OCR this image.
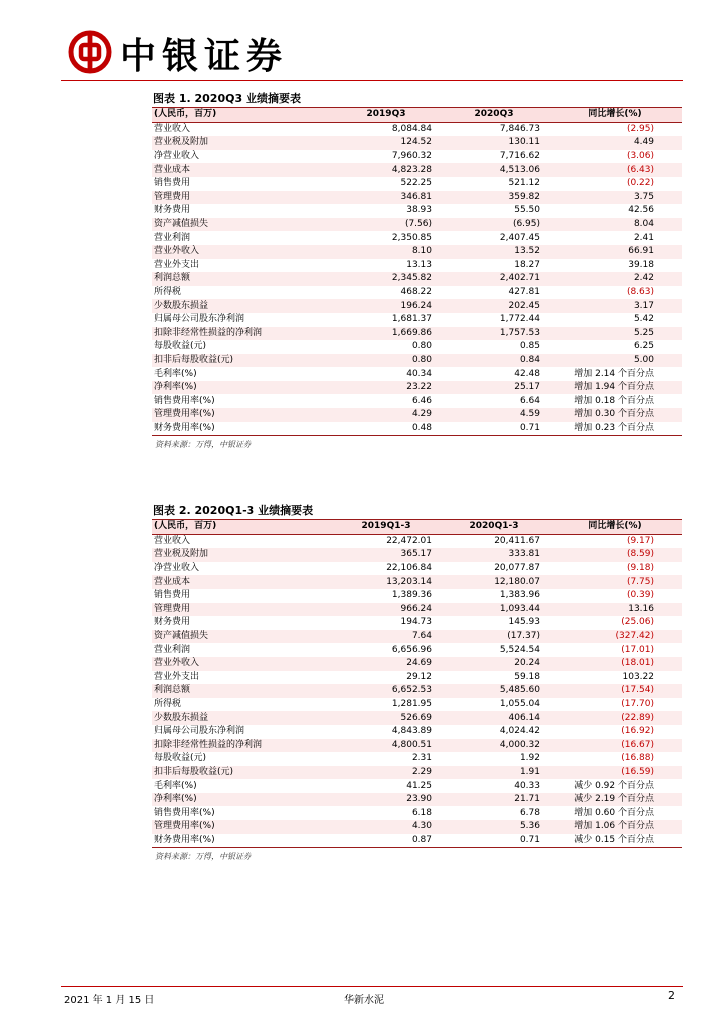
中银证券
图表 1. 2020Q3 业绩摘要表
(人民币，百万)	2019Q3	2020Q3	同比增长(%)
营业收入	8,084.84	7,846.73	(2.95)
营业税及附加	124.52	130.11	4.49
净营业收入	7,960.32	7,716.62	(3.06)
营业成本	4,823.28	4,513.06	(6.43)
销售费用	522.25	521.12	(0.22)
管理费用	346.81	359.82	3.75
财务费用	38.93	55.50	42.56
资产减值损失	(7.56)	(6.95)	8.04
营业利润	2,350.85	2,407.45	2.41
营业外收入	8.10	13.52	66.91
营业外支出	13.13	18.27	39.18
利润总额	2,345.82	2,402.71	2.42
所得税	468.22	427.81	(8.63)
少数股东损益	196.24	202.45	3.17
归属母公司股东净利润	1,681.37	1,772.44	5.42
扣除非经常性损益的净利润	1,669.86	1,757.53	5.25
每股收益(元)	0.80	0.85	6.25
扣非后每股收益(元)	0.80	0.84	5.00
毛利率(%)	40.34	42.48	增加 2.14 个百分点
净利率(%)	23.22	25.17	增加 1.94 个百分点
销售费用率(%)	6.46	6.64	增加 0.18 个百分点
管理费用率(%)	4.29	4.59	增加 0.30 个百分点
财务费用率(%)	0.48	0.71	增加 0.23 个百分点
资料来源：万得，中银证券
图表 2. 2020Q1-3 业绩摘要表
(人民币，百万)	2019Q1-3	2020Q1-3	同比增长(%)
营业收入	22,472.01	20,411.67	(9.17)
营业税及附加	365.17	333.81	(8.59)
净营业收入	22,106.84	20,077.87	(9.18)
营业成本	13,203.14	12,180.07	(7.75)
销售费用	1,389.36	1,383.96	(0.39)
管理费用	966.24	1,093.44	13.16
财务费用	194.73	145.93	(25.06)
资产减值损失	7.64	(17.37)	(327.42)
营业利润	6,656.96	5,524.54	(17.01)
营业外收入	24.69	20.24	(18.01)
营业外支出	29.12	59.18	103.22
利润总额	6,652.53	5,485.60	(17.54)
所得税	1,281.95	1,055.04	(17.70)
少数股东损益	526.69	406.14	(22.89)
归属母公司股东净利润	4,843.89	4,024.42	(16.92)
扣除非经常性损益的净利润	4,800.51	4,000.32	(16.67)
每股收益(元)	2.31	1.92	(16.88)
扣非后每股收益(元)	2.29	1.91	(16.59)
毛利率(%)	41.25	40.33	减少 0.92 个百分点
净利率(%)	23.90	21.71	减少 2.19 个百分点
销售费用率(%)	6.18	6.78	增加 0.60 个百分点
管理费用率(%)	4.30	5.36	增加 1.06 个百分点
财务费用率(%)	0.87	0.71	减少 0.15 个百分点
资料来源：万得，中银证券
2021 年 1 月 15 日	华新水泥	2
